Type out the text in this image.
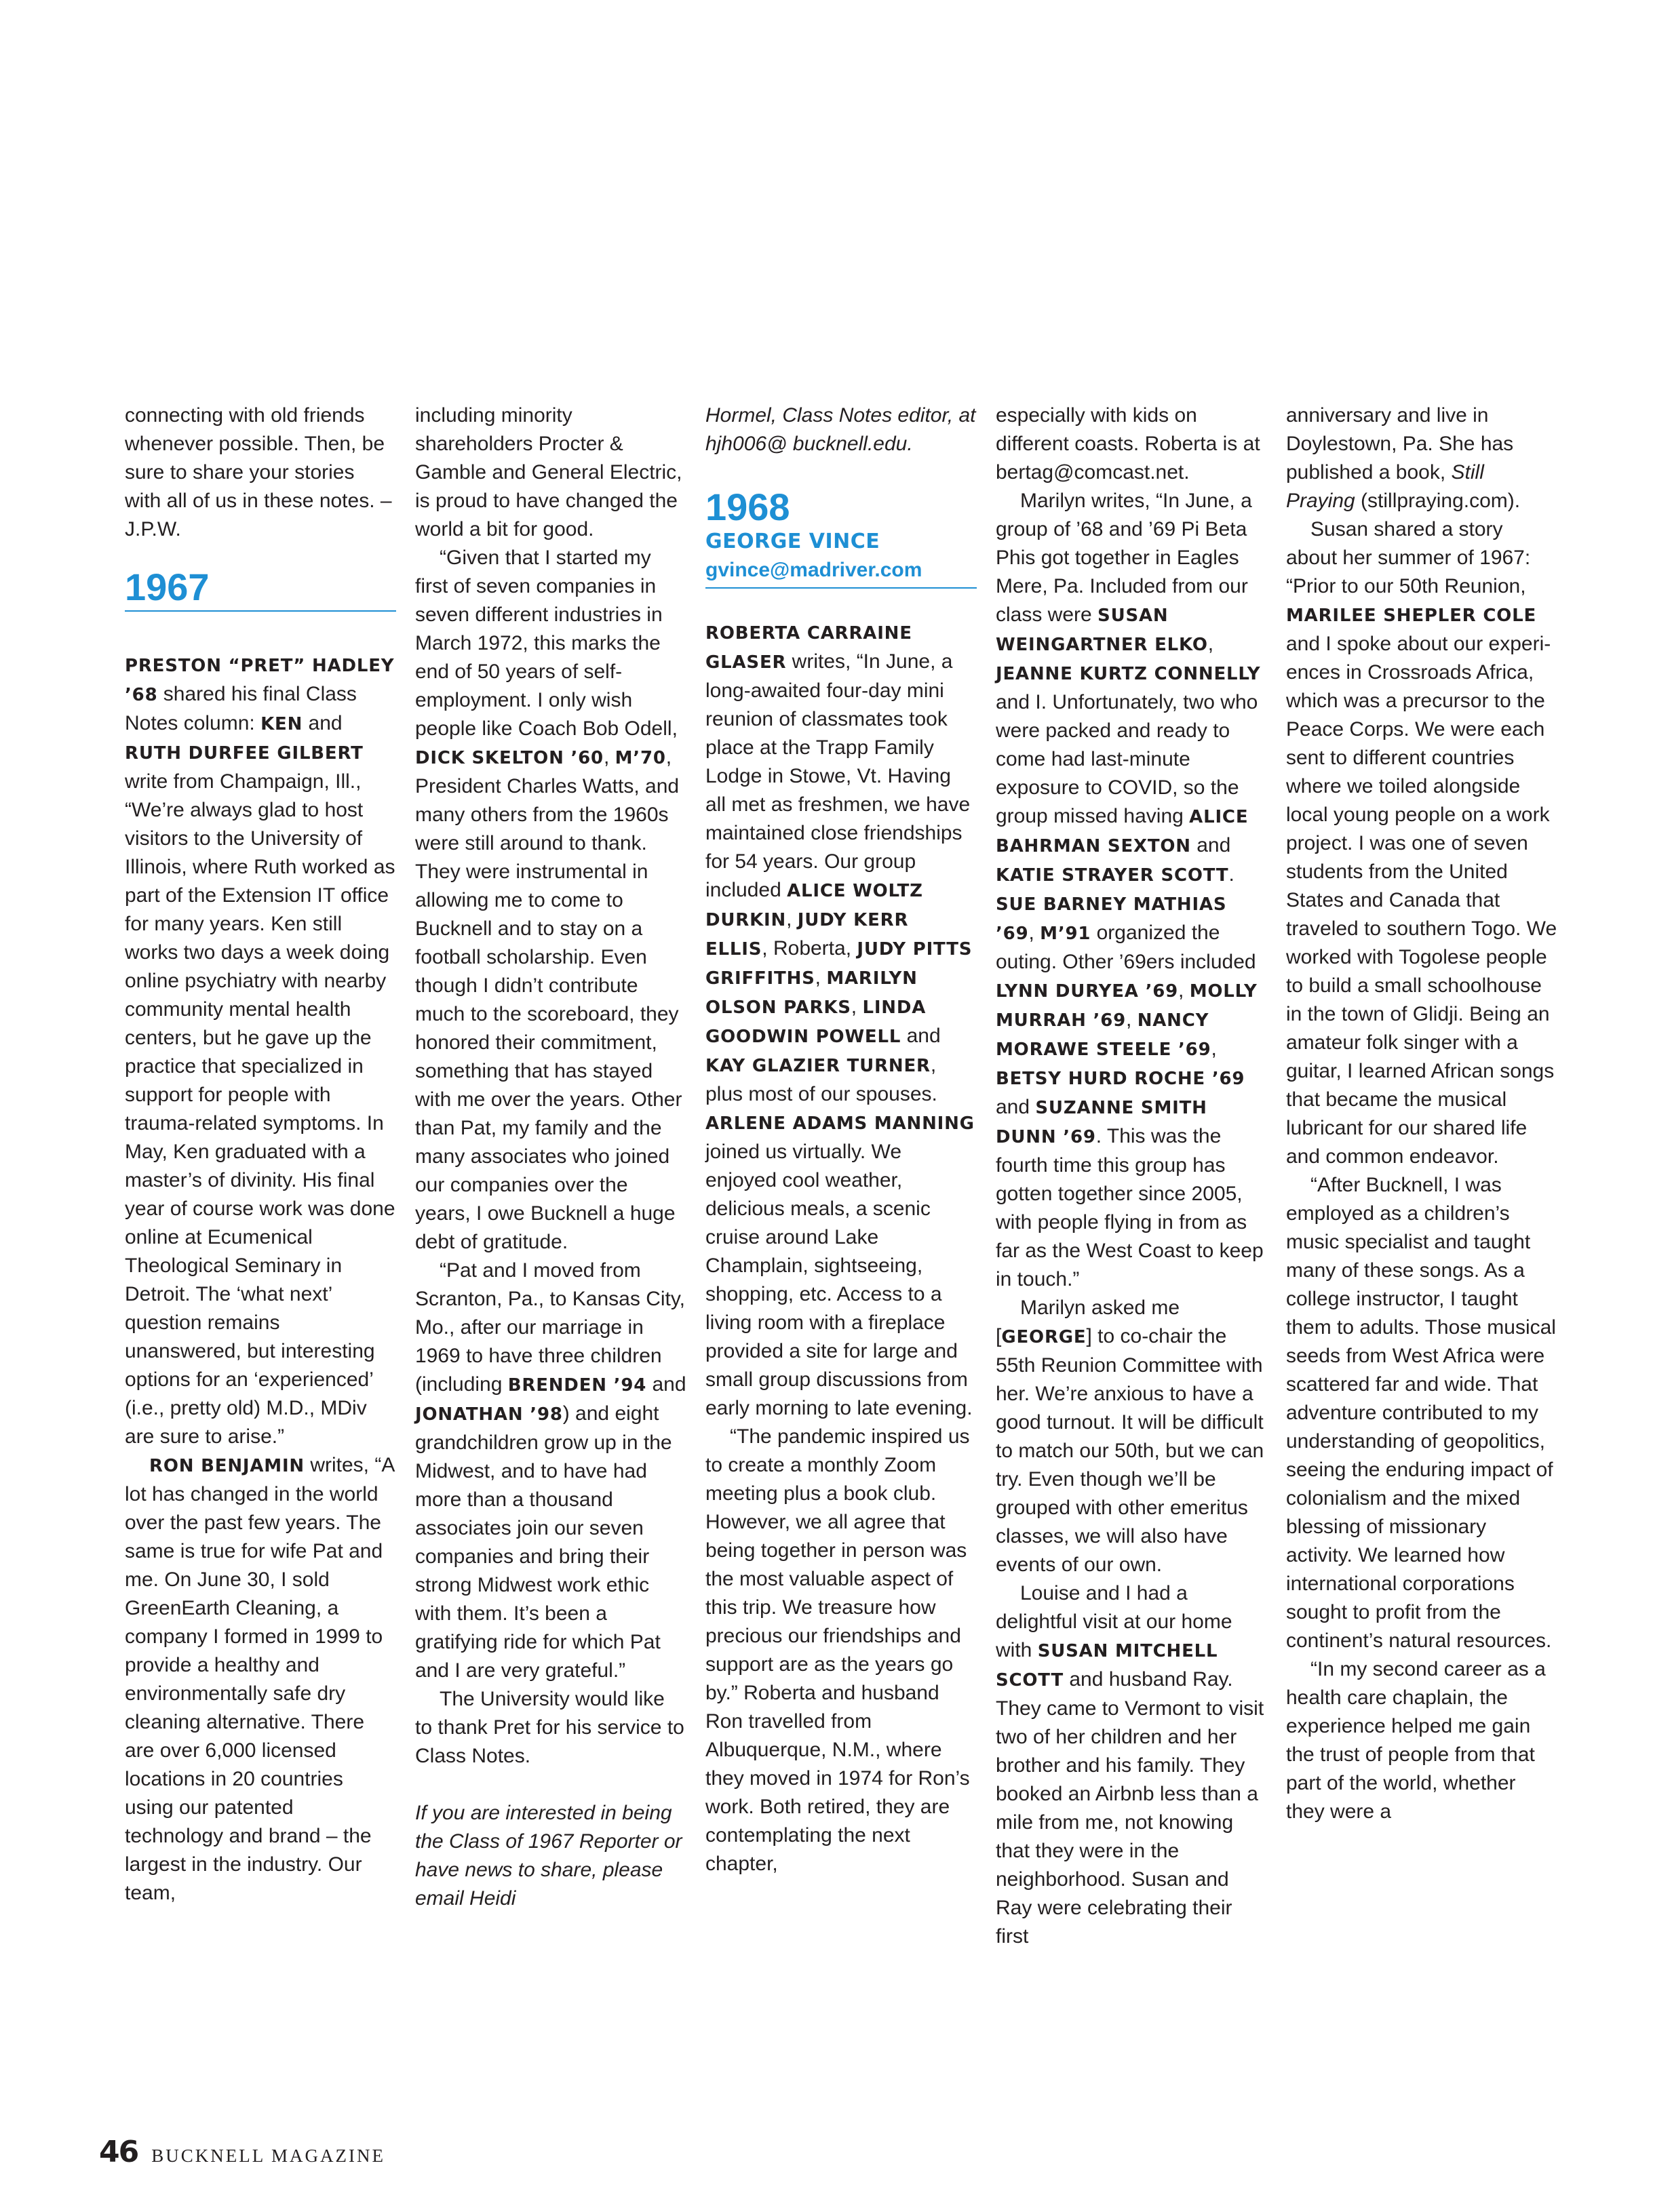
connecting with old friends whenever possible. Then, be sure to share your stories with all of us in these notes. – J.P.W.

1967

PRESTON “PRET” HADLEY ’68 shared his final Class Notes column: KEN and RUTH DURFEE GILBERT write from Champaign, Ill., “We’re always glad to host visitors to the University of Illinois, where Ruth worked as part of the Extension IT office for many years. Ken still works two days a week doing online psychiatry with nearby community mental health centers, but he gave up the practice that specialized in support for people with trauma-related symptoms. In May, Ken graduated with a master’s of divinity. His final year of course work was done online at Ecumenical Theological Seminary in Detroit. The ‘what next’ question remains unanswered, but interesting options for an ‘experienced’ (i.e., pretty old) M.D., MDiv are sure to arise.”

RON BENJAMIN writes, “A lot has changed in the world over the past few years. The same is true for wife Pat and me. On June 30, I sold GreenEarth Cleaning, a company I formed in 1999 to provide a healthy and environmentally safe dry cleaning alternative. There are over 6,000 licensed locations in 20 countries using our patented technology and brand – the largest in the industry. Our team,

including minority shareholders Procter & Gamble and General Electric, is proud to have changed the world a bit for good.

“Given that I started my first of seven companies in seven different industries in March 1972, this marks the end of 50 years of self-employment. I only wish people like Coach Bob Odell, DICK SKELTON ’60, M’70, President Charles Watts, and many others from the 1960s were still around to thank. They were instrumental in allowing me to come to Bucknell and to stay on a football scholarship. Even though I didn’t contribute much to the scoreboard, they honored their commitment, something that has stayed with me over the years. Other than Pat, my family and the many associates who joined our companies over the years, I owe Bucknell a huge debt of gratitude.

“Pat and I moved from Scranton, Pa., to Kansas City, Mo., after our marriage in 1969 to have three children (including BRENDEN ’94 and JONATHAN ’98) and eight grandchildren grow up in the Midwest, and to have had more than a thousand associates join our seven companies and bring their strong Midwest work ethic with them. It’s been a gratifying ride for which Pat and I are very grateful.”

The University would like to thank Pret for his service to Class Notes.

If you are interested in being the Class of 1967 Reporter or have news to share, please email Heidi

Hormel, Class Notes editor, at hjh006@ bucknell.edu.

1968
GEORGE VINCE
gvince@madriver.com

ROBERTA CARRAINE GLASER writes, “In June, a long-awaited four-day mini reunion of classmates took place at the Trapp Family Lodge in Stowe, Vt. Having all met as freshmen, we have maintained close friendships for 54 years. Our group included ALICE WOLTZ DURKIN, JUDY KERR ELLIS, Roberta, JUDY PITTS GRIFFITHS, MARILYN OLSON PARKS, LINDA GOODWIN POWELL and KAY GLAZIER TURNER, plus most of our spouses. ARLENE ADAMS MANNING joined us virtually. We enjoyed cool weather, delicious meals, a scenic cruise around Lake Champlain, sightseeing, shopping, etc. Access to a living room with a fireplace provided a site for large and small group discussions from early morning to late evening.

“The pandemic inspired us to create a monthly Zoom meeting plus a book club. However, we all agree that being together in person was the most valuable aspect of this trip. We treasure how precious our friendships and support are as the years go by.” Roberta and husband Ron travelled from Albuquerque, N.M., where they moved in 1974 for Ron’s work. Both retired, they are contemplating the next chapter,

especially with kids on different coasts. Roberta is at bertag@comcast.net.

Marilyn writes, “In June, a group of ’68 and ’69 Pi Beta Phis got together in Eagles Mere, Pa. Included from our class were SUSAN WEINGARTNER ELKO, JEANNE KURTZ CONNELLY and I. Unfortunately, two who were packed and ready to come had last-minute exposure to COVID, so the group missed having ALICE BAHRMAN SEXTON and KATIE STRAYER SCOTT. SUE BARNEY MATHIAS ’69, M’91 organized the outing. Other ’69ers included LYNN DURYEA ’69, MOLLY MURRAH ’69, NANCY MORAWE STEELE ’69, BETSY HURD ROCHE ’69 and SUZANNE SMITH DUNN ’69. This was the fourth time this group has gotten together since 2005, with people flying in from as far as the West Coast to keep in touch.”

Marilyn asked me [GEORGE] to co-chair the 55th Reunion Committee with her. We’re anxious to have a good turnout. It will be difficult to match our 50th, but we can try. Even though we’ll be grouped with other emeritus classes, we will also have events of our own.

Louise and I had a delightful visit at our home with SUSAN MITCHELL SCOTT and husband Ray. They came to Vermont to visit two of her children and her brother and his family. They booked an Airbnb less than a mile from me, not knowing that they were in the neighborhood. Susan and Ray were celebrating their first

anniversary and live in Doylestown, Pa. She has published a book, Still Praying (stillpraying.com).

Susan shared a story about her summer of 1967: “Prior to our 50th Reunion, MARILEE SHEPLER COLE and I spoke about our experiences in Crossroads Africa, which was a precursor to the Peace Corps. We were each sent to different countries where we toiled alongside local young people on a work project. I was one of seven students from the United States and Canada that traveled to southern Togo. We worked with Togolese people to build a small schoolhouse in the town of Glidji. Being an amateur folk singer with a guitar, I learned African songs that became the musical lubricant for our shared life and common endeavor.

“After Bucknell, I was employed as a children’s music specialist and taught many of these songs. As a college instructor, I taught them to adults. Those musical seeds from West Africa were scattered far and wide. That adventure contributed to my understanding of geopolitics, seeing the enduring impact of colonialism and the mixed blessing of missionary activity. We learned how international corporations sought to profit from the continent’s natural resources.

“In my second career as a health care chaplain, the experience helped me gain the trust of people from that part of the world, whether they were a

46 BUCKNELL MAGAZINE
